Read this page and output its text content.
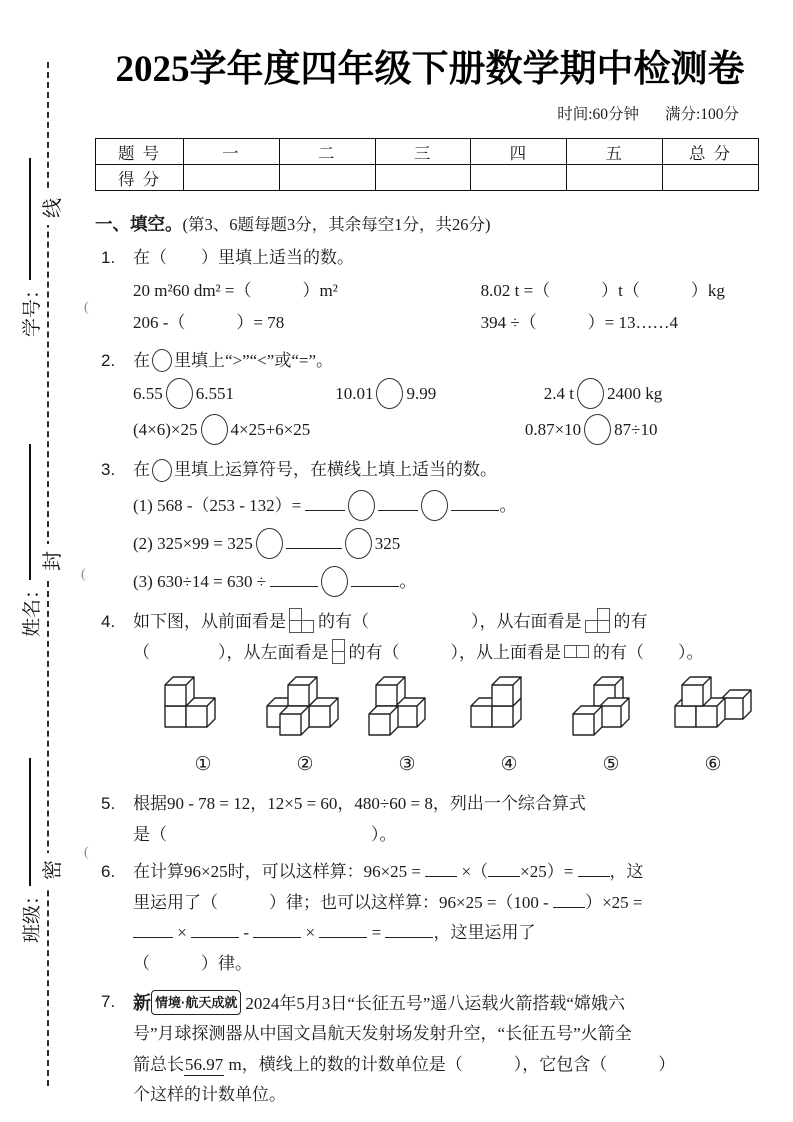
学号：
姓名：
班级：
线
封
密
(
(
(
2025学年度四年级下册数学期中检测卷
时间:60分钟 满分:100分
题 号	一	二	三	四	五	总 分
得 分						
一、填空。(第3、6题每题3分，其余每空1分，共26分)
1.	在（　　）里填上适当的数。
20 m²60 dm² =（　　　）m²	8.02 t =（　　　）t（　　　）kg
206 -（　　　）= 78	394 ÷（　　　）= 13……4
2.	在 里填上“>”“<”或“=”。
6.55 6.551	10.01 9.99	2.4 t 2400 kg
(4×6)×25 4×25+6×25	0.87×10 87÷10
3.	在 里填上运算符号，在横线上填上适当的数。
(1) 568 -（253 - 132）=	。
(2) 325×99 = 325	325
(3) 630÷14 = 630 ÷	。
4.	如下图，从前面看是 的有（　　　　　　），从右面看是 的有
（　　　　），从左面看是 的有（　　　），从上面看是 的有（　　）。
①	②	③	④	⑤	⑥
5.	根据90 - 78 = 12，12×5 = 60，480÷60 = 8，列出一个综合算式
是（　　　　　　　　　　　　）。
6.	在计算96×25时，可以这样算：96×25 =  ×（ ×25）= ，这
里运用了（　　　）律；也可以这样算：96×25 =（100 - ）×25 =
×	-	×	=	，这里运用了
（　　　）律。
7. 新 情境·航天成就 2024年5月3日“长征五号”遥八运载火箭搭载“嫦娥六
号”月球探测器从中国文昌航天发射场发射升空，“长征五号”火箭全
箭总长56.97 m，横线上的数的计数单位是（　　　），它包含（　　　）
个这样的计数单位。
